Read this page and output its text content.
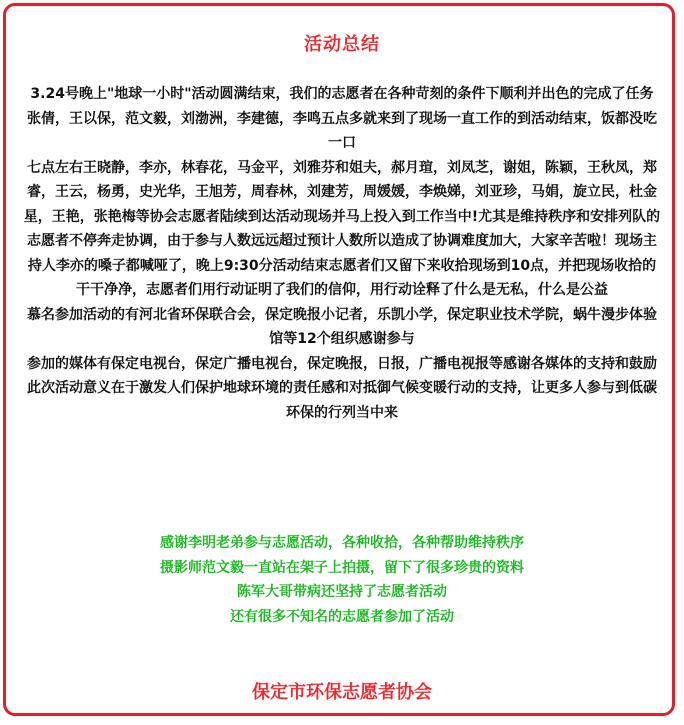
活动总结

3.24号晚上"地球一小时"活动圆满结束，我们的志愿者在各种苛刻的条件下顺利并出色的完成了任务

张倩，王以保，范文毅，刘渤洲，李建德，李鸣五点多就来到了现场一直工作的到活动结束，饭都没吃一口

七点左右王晓静，李亦，林春花，马金平，刘雅芬和姐夫，郝月瑄，刘凤芝，谢姐，陈颖，王秋凤，郑睿，王云，杨勇，史光华，王旭芳，周春林，刘建芳，周媛媛，李焕娣，刘亚珍，马娟，旋立民，杜金星，王艳，张艳梅等协会志愿者陆续到达活动现场并马上投入到工作当中!尤其是维持秩序和安排列队的志愿者不停奔走协调，由于参与人数远远超过预计人数所以造成了协调难度加大，大家辛苦啦！现场主持人李亦的嗓子都喊哑了，晚上9:30分活动结束志愿者们又留下来收拾现场到10点，并把现场收拾的干干净净，志愿者们用行动证明了我们的信仰，用行动诠释了什么是无私，什么是公益

慕名参加活动的有河北省环保联合会，保定晚报小记者，乐凯小学，保定职业技术学院，蜗牛漫步体验馆等12个组织感谢参与

参加的媒体有保定电视台，保定广播电视台，保定晚报，日报，广播电视报等感谢各媒体的支持和鼓励

此次活动意义在于激发人们保护地球环境的责任感和对抵御气候变暖行动的支持，让更多人参与到低碳环保的行列当中来

感谢李明老弟参与志愿活动，各种收拾，各种帮助维持秩序

摄影师范文毅一直站在架子上拍摄，留下了很多珍贵的资料

陈军大哥带病还坚持了志愿者活动

还有很多不知名的志愿者参加了活动

保定市环保志愿者协会
